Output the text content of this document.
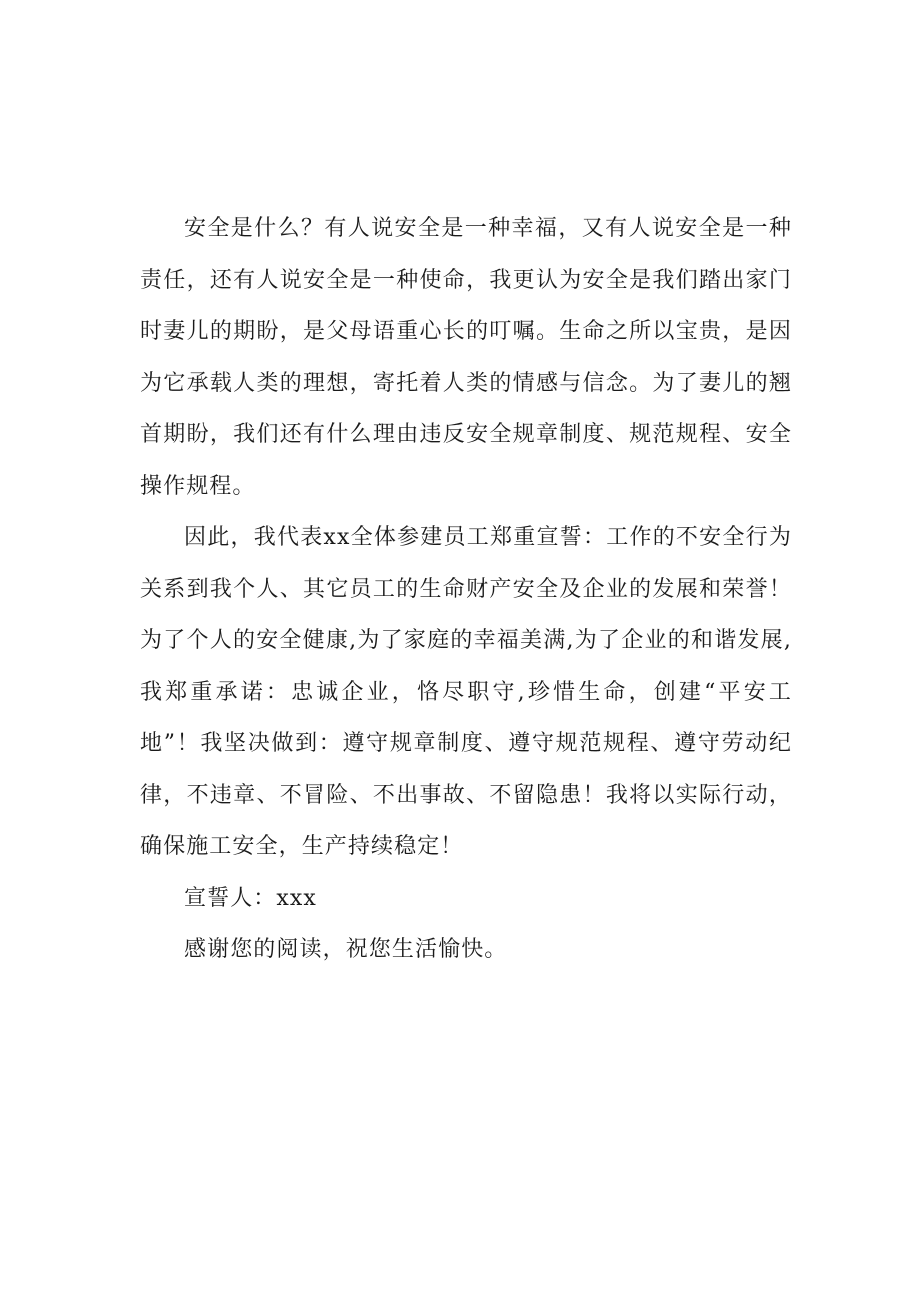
安全是什么？有人说安全是一种幸福，又有人说安全是一种责任，还有人说安全是一种使命，我更认为安全是我们踏出家门时妻儿的期盼，是父母语重心长的叮嘱。生命之所以宝贵，是因为它承载人类的理想，寄托着人类的情感与信念。为了妻儿的翘首期盼，我们还有什么理由违反安全规章制度、规范规程、安全操作规程。

因此，我代表xx全体参建员工郑重宣誓：工作的不安全行为关系到我个人、其它员工的生命财产安全及企业的发展和荣誉！为了个人的安全健康,为了家庭的幸福美满,为了企业的和谐发展,我郑重承诺：忠诚企业，恪尽职守,珍惜生命，创建“平安工地”！我坚决做到：遵守规章制度、遵守规范规程、遵守劳动纪律，不违章、不冒险、不出事故、不留隐患！我将以实际行动，确保施工安全，生产持续稳定！

宣誓人：xxx

感谢您的阅读，祝您生活愉快。
